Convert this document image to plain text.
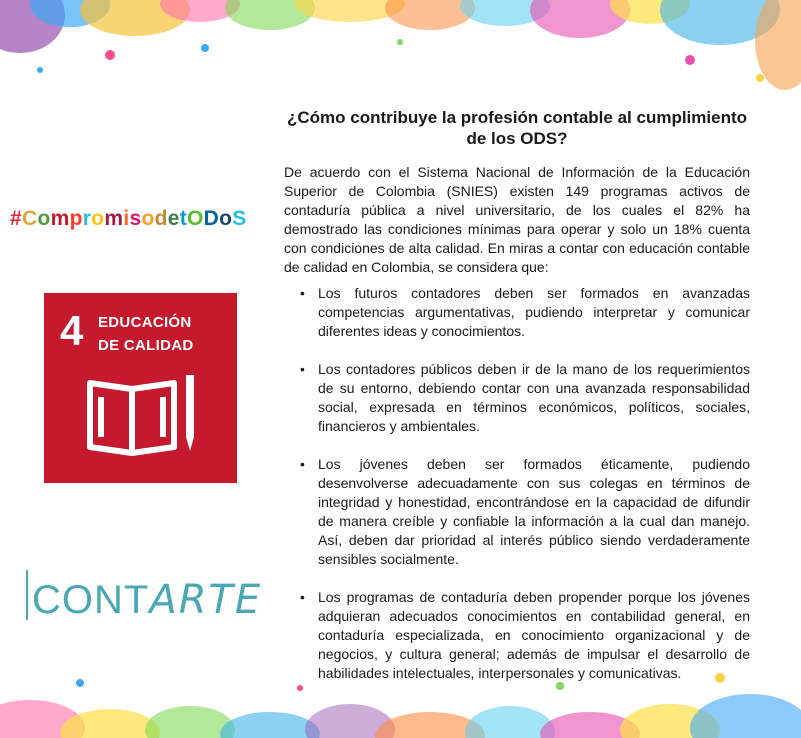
#CompromisodetODoS
4 EDUCACIÓN
DE CALIDAD
CONT ARTE
¿Cómo contribuye la profesión contable al cumplimiento de los ODS?
De acuerdo con el Sistema Nacional de Información de la Educación Superior de Colombia (SNIES) existen 149 programas activos de contaduría pública a nivel universitario, de los cuales el 82% ha demostrado las condiciones mínimas para operar y solo un 18% cuenta con condiciones de alta calidad. En miras a contar con educación contable de calidad en Colombia, se considera que:
• Los futuros contadores deben ser formados en avanzadas competencias argumentativas, pudiendo interpretar y comunicar diferentes ideas y conocimientos.
• Los contadores públicos deben ir de la mano de los requerimientos de su entorno, debiendo contar con una avanzada responsabilidad social, expresada en términos económicos, políticos, sociales, financieros y ambientales.
• Los jóvenes deben ser formados éticamente, pudiendo desenvolverse adecuadamente con sus colegas en términos de integridad y honestidad, encontrándose en la capacidad de difundir de manera creíble y confiable la información a la cual dan manejo. Así, deben dar prioridad al interés público siendo verdaderamente sensibles socialmente.
• Los programas de contaduría deben propender porque los jóvenes adquieran adecuados conocimientos en contabilidad general, en contaduría especializada, en conocimiento organizacional y de negocios, y cultura general; además de impulsar el desarrollo de habilidades intelectuales, interpersonales y comunicativas.
